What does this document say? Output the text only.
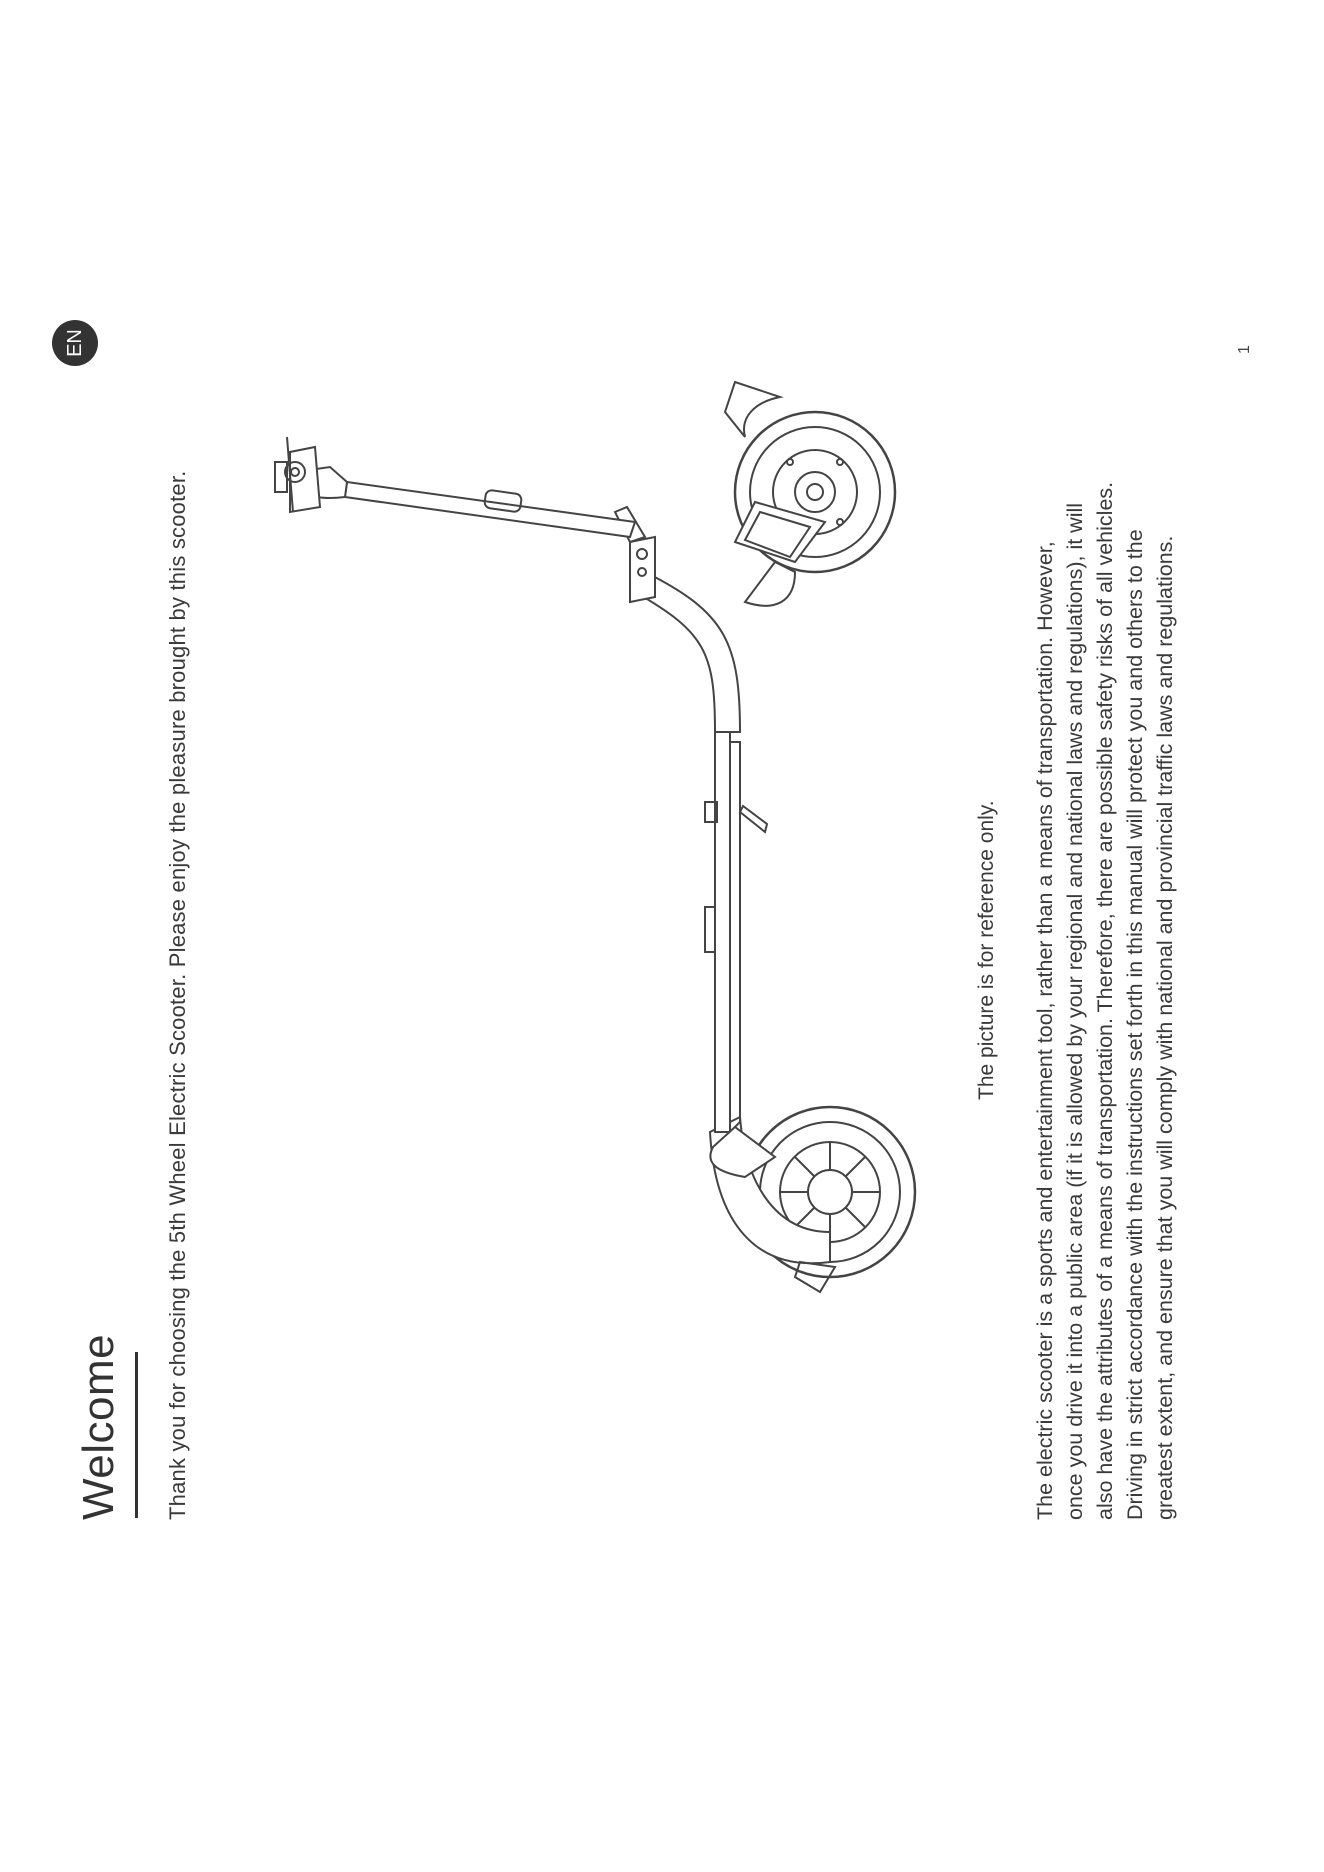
EN	1
Welcome Thank you for choosing the 5th Wheel Electric Scooter. Please enjoy the pleasure brought by this scooter.	The picture is for reference only.

The electric scooter is a sports and entertainment tool, rather than a means of transportation. However,
once you drive it into a public area (if it is allowed by your regional and national laws and regulations), it will
also have the attributes of a means of transportation. Therefore, there are possible safety risks of all vehicles.
Driving in strict accordance with the instructions set forth in this manual will protect you and others to the
greatest extent, and ensure that you will comply with national and provincial traffic laws and regulations.
